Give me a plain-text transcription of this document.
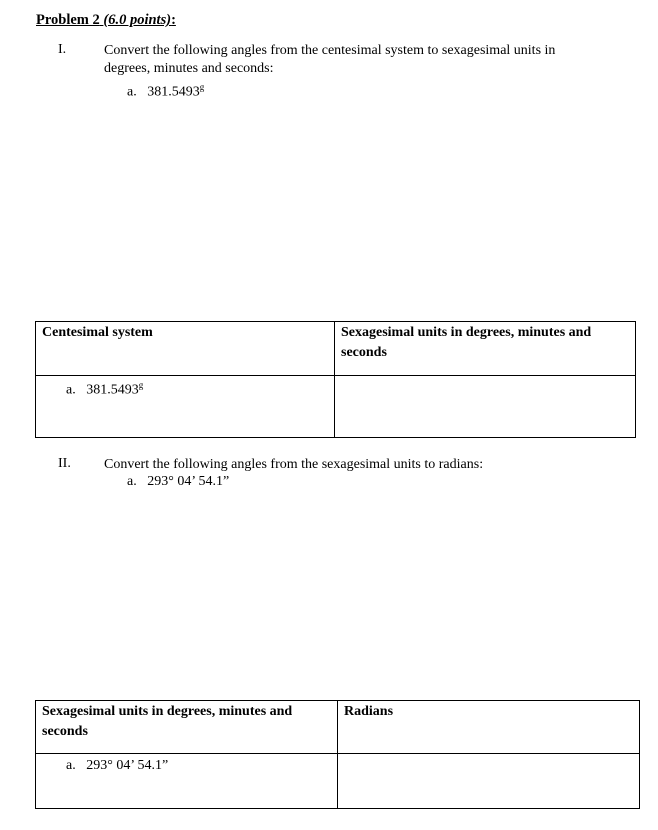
Problem 2 (6.0 points):
I.	Convert the following angles from the centesimal system to sexagesimal units in
degrees, minutes and seconds:
a. 381.5493$^g$
Centesimal system	Sexagesimal units in degrees, minutes and seconds
a. 381.5493$^g$	
II. Convert the following angles from the sexagesimal units to radians:
a. 293° 04’ 54.1”
Sexagesimal units in degrees, minutes and seconds	Radians
a. 293° 04’ 54.1”	
